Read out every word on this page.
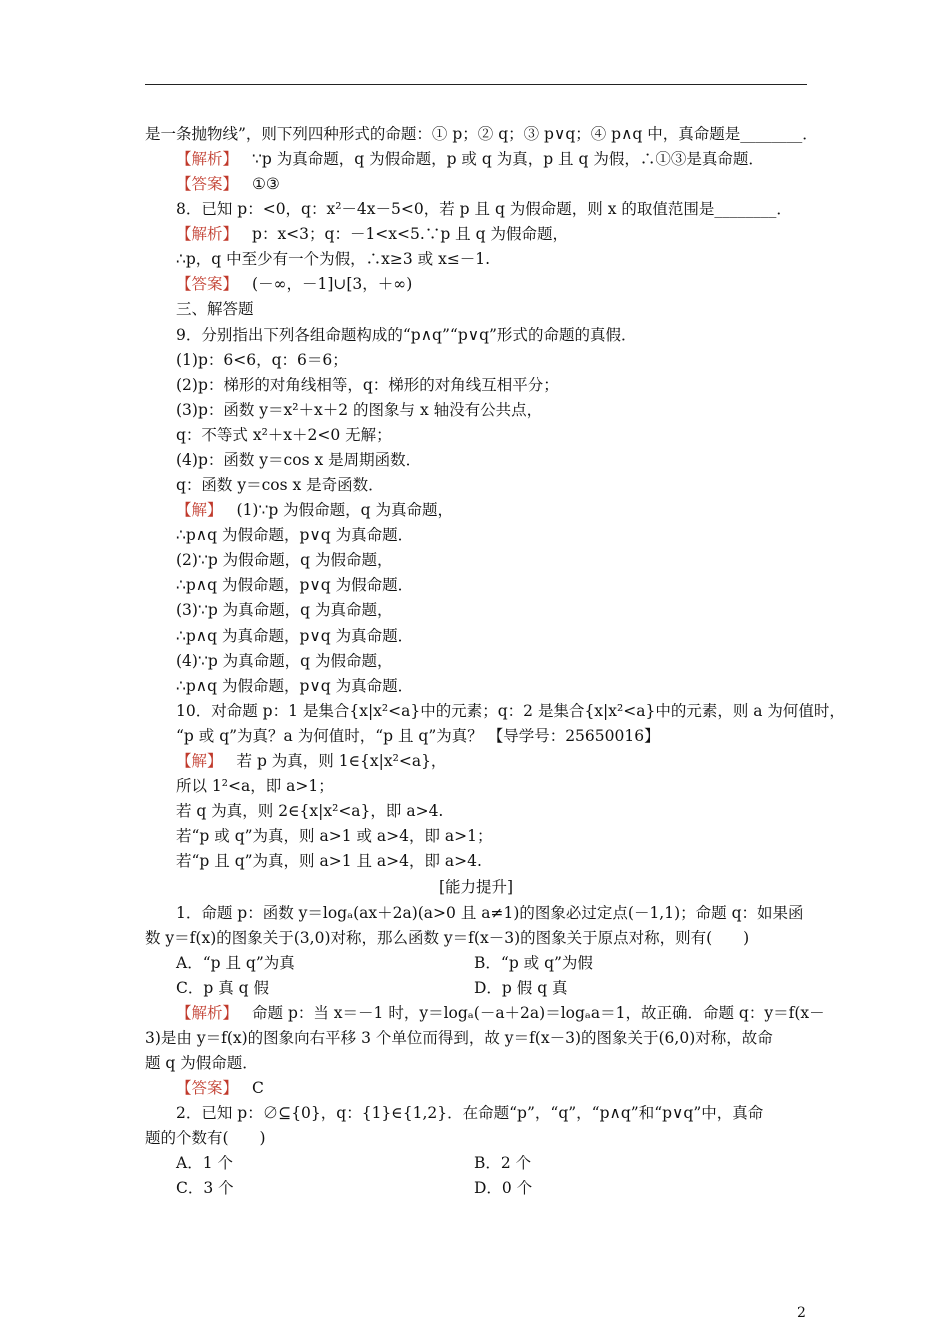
是一条抛物线”，则下列四种形式的命题：① p；② q；③ p∨q；④ p∧q 中，真命题是________．
【解析】 ∵p 为真命题，q 为假命题，p 或 q 为真，p 且 q 为假，∴①③是真命题．
【答案】 ①③
8．已知 p：<0，q：x²－4x－5<0，若 p 且 q 为假命题，则 x 的取值范围是________．
【解析】 p：x<3；q：－1<x<5.∵p 且 q 为假命题，
∴p，q 中至少有一个为假，∴x≥3 或 x≤－1.
【答案】 (－∞，－1]∪[3，＋∞)
三、解答题
9．分别指出下列各组命题构成的“p∧q”“p∨q”形式的命题的真假．
(1)p：6<6，q：6＝6；
(2)p：梯形的对角线相等，q：梯形的对角线互相平分；
(3)p：函数 y＝x²＋x＋2 的图象与 x 轴没有公共点，
q：不等式 x²＋x＋2<0 无解；
(4)p：函数 y＝cos x 是周期函数．
q：函数 y＝cos x 是奇函数．
【解】 (1)∵p 为假命题，q 为真命题，
∴p∧q 为假命题，p∨q 为真命题．
(2)∵p 为假命题，q 为假命题，
∴p∧q 为假命题，p∨q 为假命题．
(3)∵p 为真命题，q 为真命题，
∴p∧q 为真命题，p∨q 为真命题．
(4)∵p 为真命题，q 为假命题，
∴p∧q 为假命题，p∨q 为真命题．
10．对命题 p：1 是集合{x|x²<a}中的元素；q：2 是集合{x|x²<a}中的元素，则 a 为何值时，
“p 或 q”为真？a 为何值时，“p 且 q”为真？ 【导学号：25650016】
【解】 若 p 为真，则 1∈{x|x²<a}，
所以 1²<a，即 a>1；
若 q 为真，则 2∈{x|x²<a}，即 a>4.
若“p 或 q”为真，则 a>1 或 a>4，即 a>1；
若“p 且 q”为真，则 a>1 且 a>4，即 a>4.
[能力提升]
1．命题 p：函数 y＝logₐ(ax＋2a)(a>0 且 a≠1)的图象必过定点(－1,1)；命题 q：如果函
数 y＝f(x)的图象关于(3,0)对称，那么函数 y＝f(x－3)的图象关于原点对称，则有(　　)
A．“p 且 q”为真	B．“p 或 q”为假
C．p 真 q 假	D．p 假 q 真
【解析】 命题 p：当 x＝－1 时，y＝logₐ(－a＋2a)＝logₐa＝1，故正确．命题 q：y＝f(x－
3)是由 y＝f(x)的图象向右平移 3 个单位而得到，故 y＝f(x－3)的图象关于(6,0)对称，故命
题 q 为假命题．
【答案】 C
2．已知 p：∅⊆{0}，q：{1}∈{1,2}．在命题“p”，“q”，“p∧q”和“p∨q”中，真命
题的个数有(　　)
A．1 个	B．2 个
C．3 个	D．0 个
2
